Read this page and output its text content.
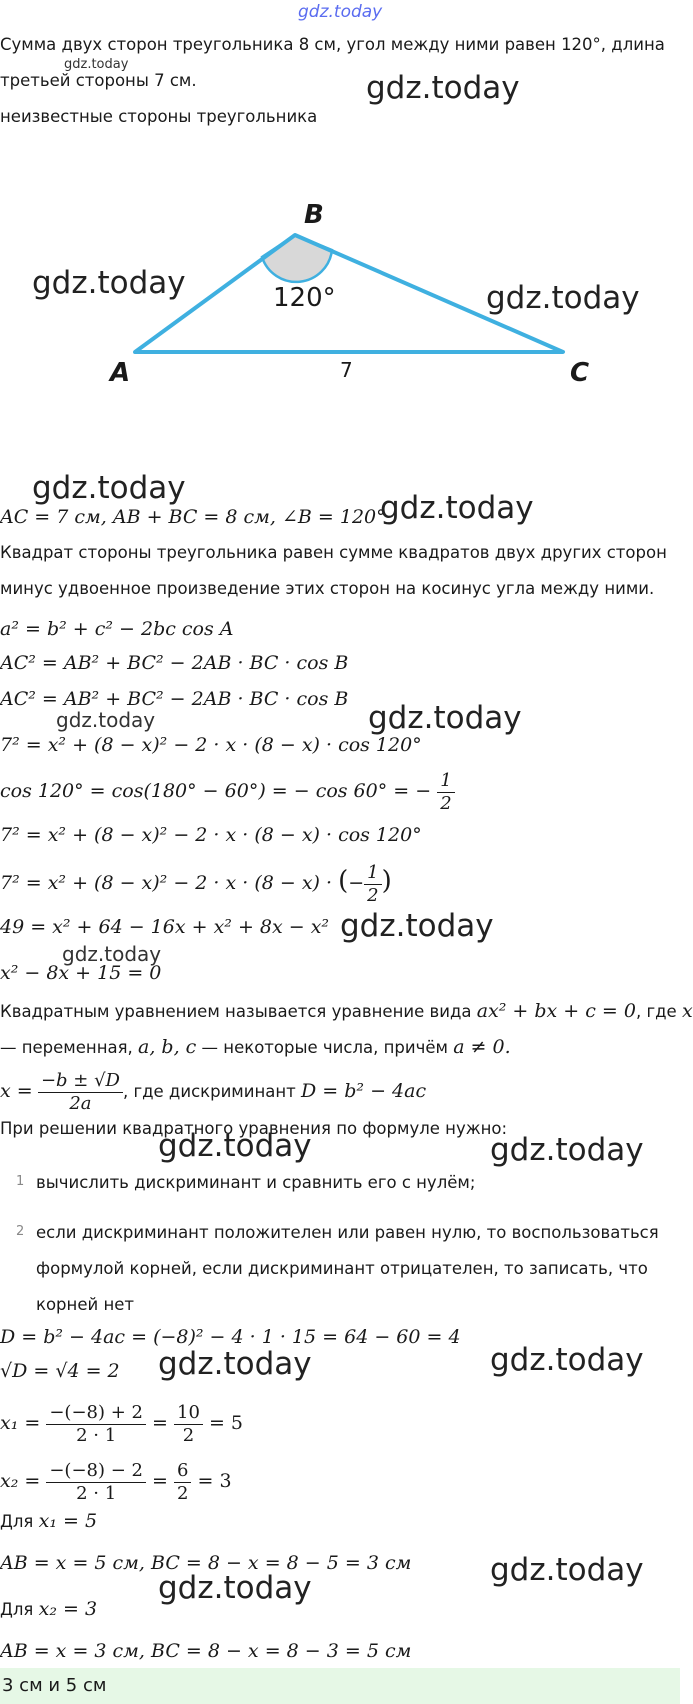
gdz.today
Сумма двух сторон треугольника 8 см, угол между ними равен 120°, длина
gdz.today
третьей стороны 7 см.	gdz.today
неизвестные стороны треугольника
B
A	C
120°
7
gdz.today	gdz.today
gdz.today
AC = 7 см, AB + BC = 8 см, ∠B = 120°
gdz.today
Квадрат стороны треугольника равен сумме квадратов двух других сторон
минус удвоенное произведение этих сторон на косинус угла между ними.
a² = b² + c² − 2bc cos A
AC² = AB² + BC² − 2AB · BC · cos B
AC² = AB² + BC² − 2AB · BC · cos B
gdz.today
gdz.today
7² = x² + (8 − x)² − 2 · x · (8 − x) · cos 120°
cos 120° = cos(180° − 60°) = − cos 60° = − $\frac{1}{2}$
7² = x² + (8 − x)² − 2 · x · (8 − x) · cos 120°
7² = x² + (8 − x)² − 2 · x · (8 − x) · (− $\frac{1}{2}$ )
49 = x² + 64 − 16x + x² + 8x − x² gdz.today
gdz.today
x² − 8x + 15 = 0
Квадратным уравнением называется уравнение вида ax² + bx + c = 0, где x
— переменная, a, b, c — некоторые числа, причём a ≠ 0.
$x = \frac{-b \pm √D}{2a}$ , где дискриминант D = b² − 4ac
При решении квадратного уравнения по формуле нужно:
gdz.today	gdz.today
1 вычислить дискриминант и сравнить его с нулём;
2 если дискриминант положителен или равен нулю, то воспользоваться
формулой корней, если дискриминант отрицателен, то записать, что
корней нет
D = b² − 4ac = (−8)² − 4 · 1 · 15 = 64 − 60 = 4
√D = √4 = 2 gdz.today	gdz.today
$x_1 = \frac{-(-8) + 2}{2 \cdot 1} = \frac{10}{2} = 5$
$x_2 = \frac{-(-8) - 2}{2 \cdot 1} = \frac{6}{2} = 3$
Для x₁ = 5
AB = x = 5 см, BC = 8 − x = 8 − 5 = 3 см	gdz.today
gdz.today
Для x₂ = 3
AB = x = 3 см, BC = 8 − x = 8 − 3 = 5 см
3 см и 5 см
